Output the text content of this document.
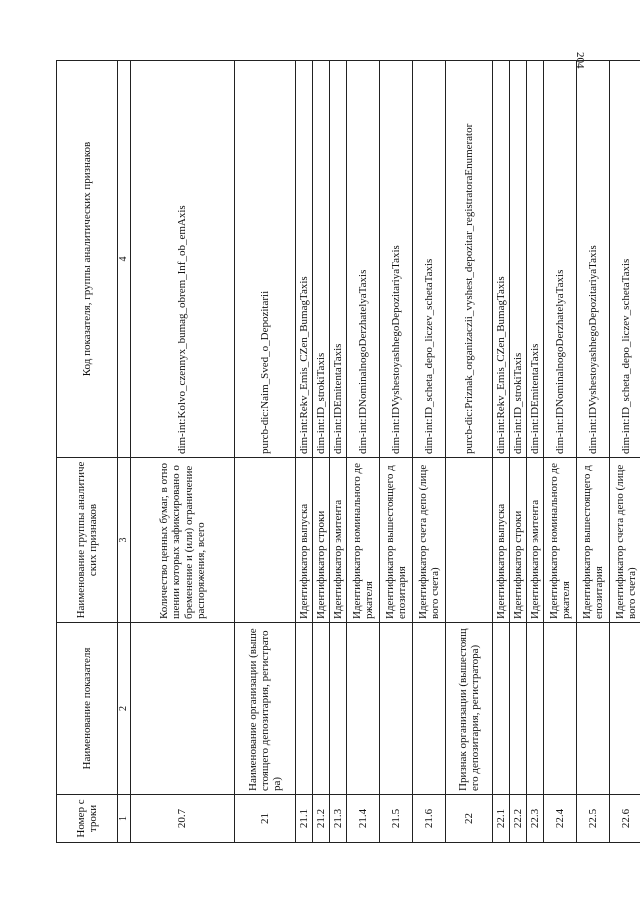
204
Номер строки	Наименование показателя	Наименование группы аналитических признаков	Код показателя, группы аналитических признаков
1	2	3	4
20.7		Количество ценных бумаг, в отношении которых зафиксировано обременение и (или) ограничение распоряжения, всего	dim-int:Kolvo_czennyx_bumag_obrem_Inf_ob_emAxis
21	Наименование организации (вышестоящего депозитария, регистратора)		purcb-dic:Naim_Sved_o_Depozitarii
21.1		Идентификатор выпуска	dim-int:Rekv_Emis_CZen_BumagTaxis
21.2		Идентификатор строки	dim-int:ID_strokiTaxis
21.3		Идентификатор эмитента	dim-int:IDEmitentaTaxis
21.4		Идентификатор номинального держателя	dim-int:IDNominalnogoDerzhatelyaTaxis
21.5		Идентификатор вышестоящего депозитария	dim-int:IDVyshestoyashhegoDepozitariyaTaxis
21.6		Идентификатор счета депо (лицевого счета)	dim-int:ID_scheta_depo_liczev_schetaTaxis
22	Признак организации (вышестоящего депозитария, регистратора)		purcb-dic:Priznak_organizaczii_vyshest_depozitar_registratoraEnumerator
22.1		Идентификатор выпуска	dim-int:Rekv_Emis_CZen_BumagTaxis
22.2		Идентификатор строки	dim-int:ID_strokiTaxis
22.3		Идентификатор эмитента	dim-int:IDEmitentaTaxis
22.4		Идентификатор номинального держателя	dim-int:IDNominalnogoDerzhatelyaTaxis
22.5		Идентификатор вышестоящего депозитария	dim-int:IDVyshestoyashhegoDepozitariyaTaxis
22.6		Идентификатор счета депо (лицевого счета)	dim-int:ID_scheta_depo_liczev_schetaTaxis
